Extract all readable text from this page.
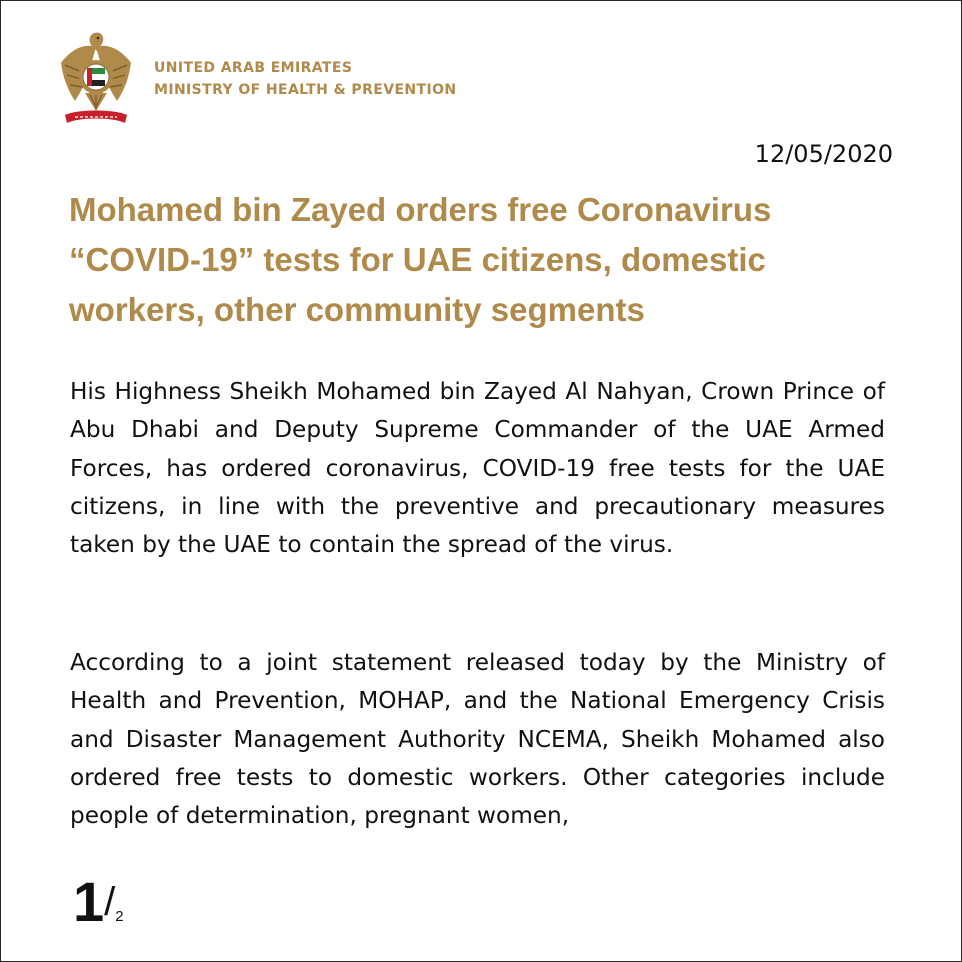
UNITED ARAB EMIRATES
MINISTRY OF HEALTH & PREVENTION
12/05/2020
Mohamed bin Zayed orders free Coronavirus “COVID-19” tests for UAE citizens, domestic workers, other community segments

His Highness Sheikh Mohamed bin Zayed Al Nahyan, Crown Prince of Abu Dhabi and Deputy Supreme Commander of the UAE Armed Forces, has ordered coronavirus, COVID-19 free tests for the UAE citizens, in line with the preventive and precautionary measures taken by the UAE to contain the spread of the virus.

According to a joint statement released today by the Ministry of Health and Prevention, MOHAP, and the National Emergency Crisis and Disaster Management Authority NCEMA, Sheikh Mohamed also ordered free tests to domestic workers. Other categories include people of determination, pregnant women,

1/2
